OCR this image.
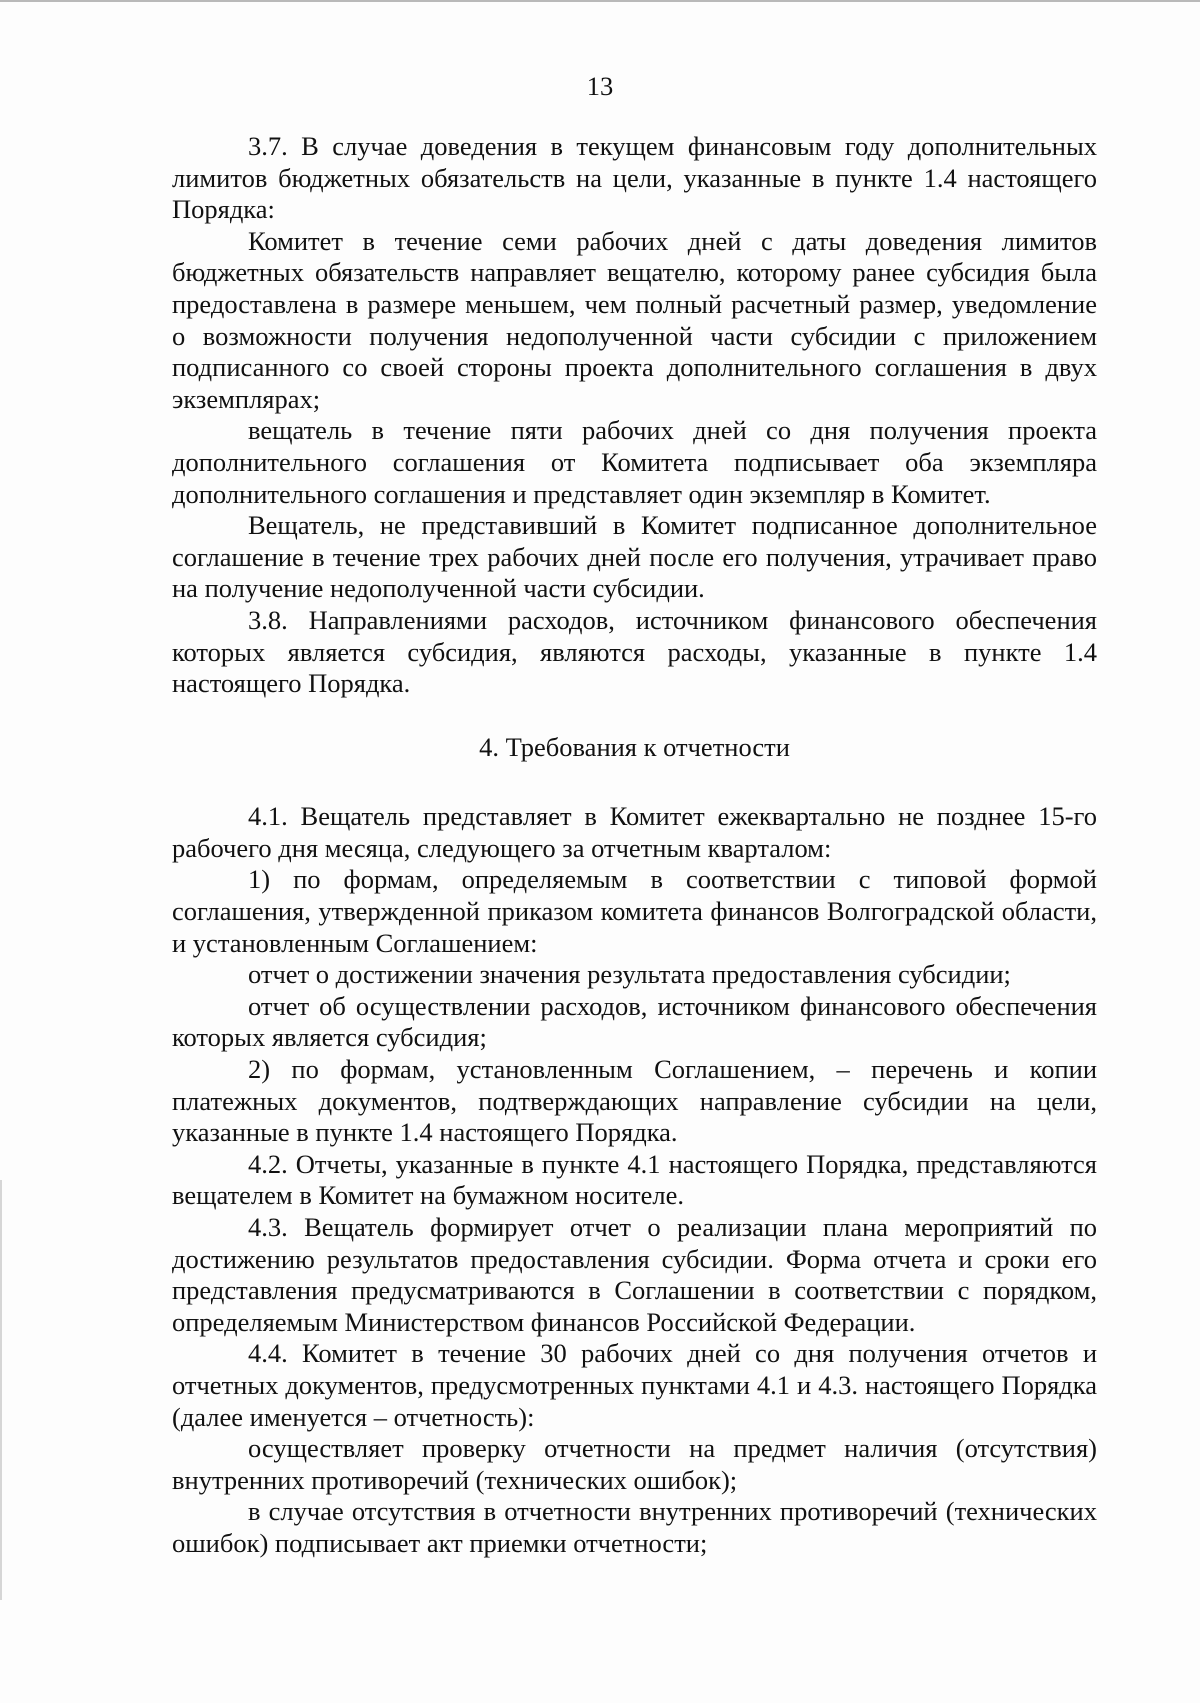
13

3.7. В случае доведения в текущем финансовым году дополнительных лимитов бюджетных обязательств на цели, указанные в пункте 1.4 настоящего Порядка:

Комитет в течение семи рабочих дней с даты доведения лимитов бюджетных обязательств направляет вещателю, которому ранее субсидия была предоставлена в размере меньшем, чем полный расчетный размер, уведомление о возможности получения недополученной части субсидии с приложением подписанного со своей стороны проекта дополнительного соглашения в двух экземплярах;

вещатель в течение пяти рабочих дней со дня получения проекта дополнительного соглашения от Комитета подписывает оба экземпляра дополнительного соглашения и представляет один экземпляр в Комитет.

Вещатель, не представивший в Комитет подписанное дополнительное соглашение в течение трех рабочих дней после его получения, утрачивает право на получение недополученной части субсидии.

3.8. Направлениями расходов, источником финансового обеспечения которых является субсидия, являются расходы, указанные в пункте 1.4 настоящего Порядка.

4. Требования к отчетности

4.1. Вещатель представляет в Комитет ежеквартально не позднее 15-го рабочего дня месяца, следующего за отчетным кварталом:

1) по формам, определяемым в соответствии с типовой формой соглашения, утвержденной приказом комитета финансов Волгоградской области, и установленным Соглашением:

отчет о достижении значения результата предоставления субсидии;

отчет об осуществлении расходов, источником финансового обеспечения которых является субсидия;

2) по формам, установленным Соглашением, – перечень и копии платежных документов, подтверждающих направление субсидии на цели, указанные в пункте 1.4 настоящего Порядка.

4.2. Отчеты, указанные в пункте 4.1 настоящего Порядка, представляются вещателем в Комитет на бумажном носителе.

4.3. Вещатель формирует отчет о реализации плана мероприятий по достижению результатов предоставления субсидии. Форма отчета и сроки его представления предусматриваются в Соглашении в соответствии с порядком, определяемым Министерством финансов Российской Федерации.

4.4. Комитет в течение 30 рабочих дней со дня получения отчетов и отчетных документов, предусмотренных пунктами 4.1 и 4.3. настоящего Порядка (далее именуется – отчетность):

осуществляет проверку отчетности на предмет наличия (отсутствия) внутренних противоречий (технических ошибок);

в случае отсутствия в отчетности внутренних противоречий (технических ошибок) подписывает акт приемки отчетности;
